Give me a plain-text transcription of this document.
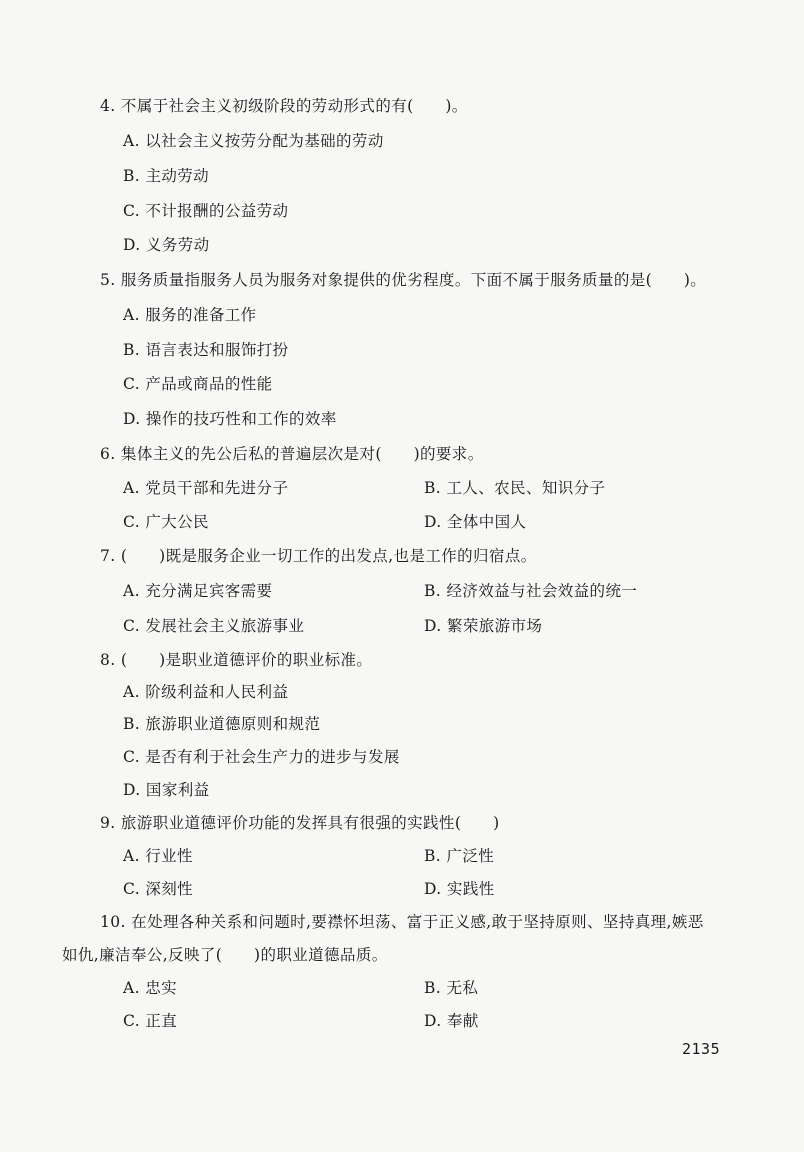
4. 不属于社会主义初级阶段的劳动形式的有(　　)。
A. 以社会主义按劳分配为基础的劳动
B. 主动劳动
C. 不计报酬的公益劳动
D. 义务劳动
5. 服务质量指服务人员为服务对象提供的优劣程度。下面不属于服务质量的是(　　)。
A. 服务的准备工作
B. 语言表达和服饰打扮
C. 产品或商品的性能
D. 操作的技巧性和工作的效率
6. 集体主义的先公后私的普遍层次是对(　　)的要求。
A. 党员干部和先进分子	B. 工人、农民、知识分子
C. 广大公民	D. 全体中国人
7. (　　)既是服务企业一切工作的出发点,也是工作的归宿点。
A. 充分满足宾客需要	B. 经济效益与社会效益的统一
C. 发展社会主义旅游事业	D. 繁荣旅游市场
8. (　　)是职业道德评价的职业标准。
A. 阶级利益和人民利益
B. 旅游职业道德原则和规范
C. 是否有利于社会生产力的进步与发展
D. 国家利益
9. 旅游职业道德评价功能的发挥具有很强的实践性(　　)
A. 行业性	B. 广泛性
C. 深刻性	D. 实践性
10. 在处理各种关系和问题时,要襟怀坦荡、富于正义感,敢于坚持原则、坚持真理,嫉恶
如仇,廉洁奉公,反映了(　　)的职业道德品质。
A. 忠实	B. 无私
C. 正直	D. 奉献
2135
